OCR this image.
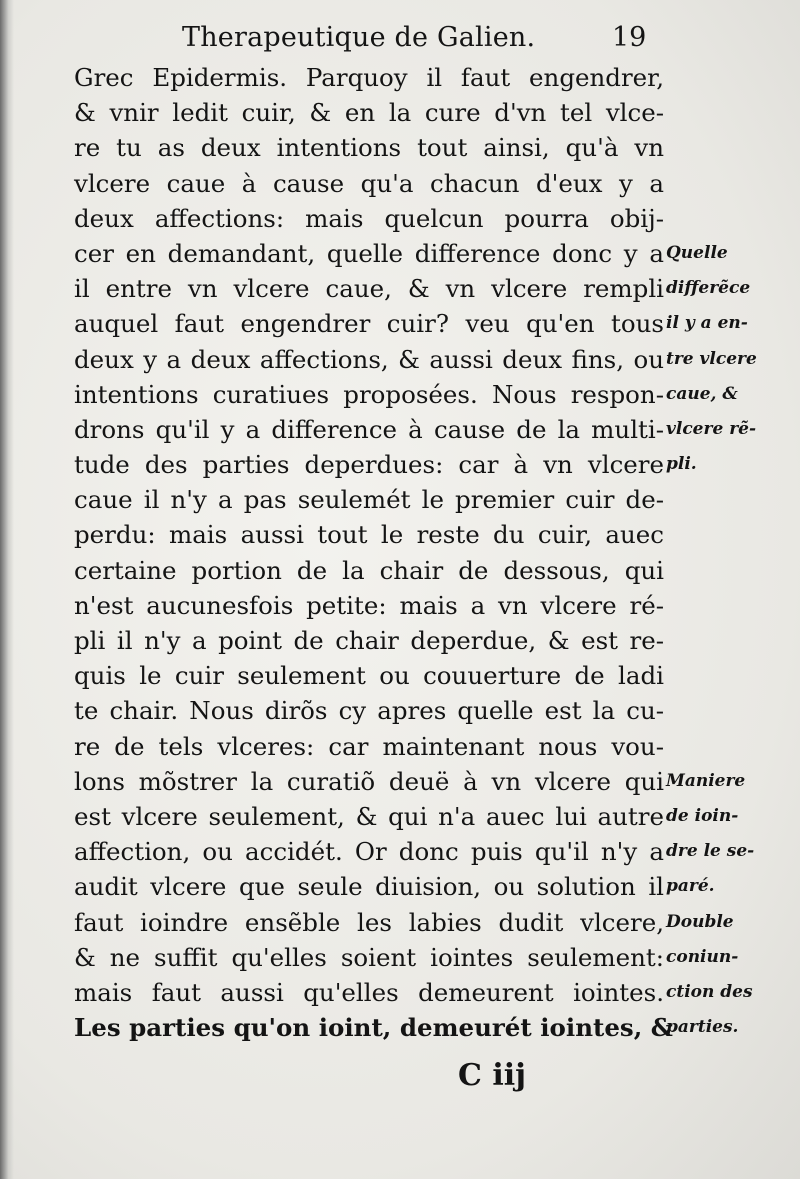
Therapeutique de Galien.	19
Grec Epidermis. Parquoy il faut engendrer,
& vnir ledit cuir, & en la cure d'vn tel vlce-
re tu as deux intentions tout ainsi, qu'à vn
vlcere caue à cause qu'a chacun d'eux y a
deux affections: mais quelcun pourra obij-
cer en demandant, quelle difference donc y a
il entre vn vlcere caue, & vn vlcere rempli
auquel faut engendrer cuir? veu qu'en tous
deux y a deux affections, & aussi deux fins, ou
intentions curatiues proposées. Nous respon-
drons qu'il y a difference à cause de la multi-
tude des parties deperdues: car à vn vlcere
caue il n'y a pas seulemét le premier cuir de-
perdu: mais aussi tout le reste du cuir, auec
certaine portion de la chair de dessous, qui
n'est aucunesfois petite: mais a vn vlcere ré-
pli il n'y a point de chair deperdue, & est re-
quis le cuir seulement ou couuerture de ladi
te chair. Nous dirõs cy apres quelle est la cu-
re de tels vlceres: car maintenant nous vou-
lons mõstrer la curatiõ deuë à vn vlcere qui
est vlcere seulement, & qui n'a auec lui autre
affection, ou accidét. Or donc puis qu'il n'y a
audit vlcere que seule diuision, ou solution il
faut ioindre ensẽble les labies dudit vlcere,
& ne suffit qu'elles soient iointes seulement:
mais faut aussi qu'elles demeurent iointes.
Les parties qu'on ioint, demeurét iointes, &
Quelle
differẽce
il y a en-
tre vlcere
caue, &
vlcere rẽ-
pli.
Maniere
de ioin-
dre le se-
paré.
Double
coniun-
ction des
parties.
C iij
